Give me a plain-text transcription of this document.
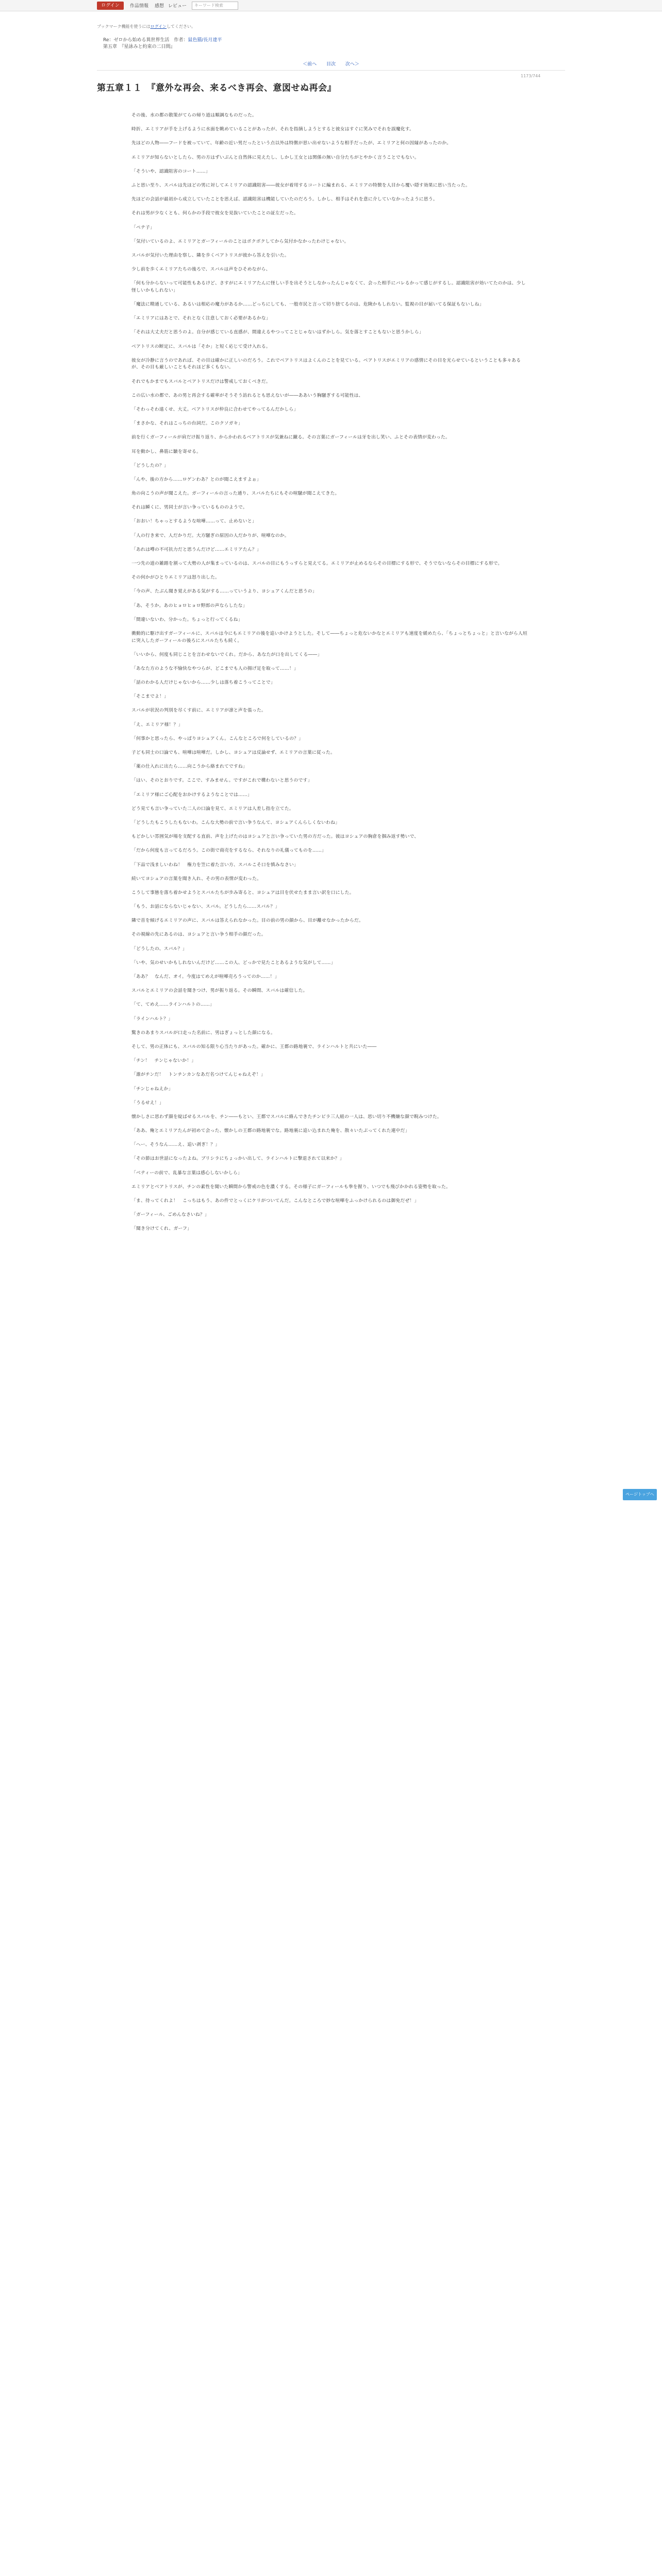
ログイン	作品情報 感想 レビュー	キーワード検索
ブックマーク機能を使うにはログインしてください。
Re：ゼロから始める異世界生活　作者：鼠色猫/長月達平
第五章　『星詠みと約束の二日間』
＜前へ 目次 次へ＞
1173/744
第五章１１　『意外な再会、来るべき再会、意図せぬ再会』

その後、水の都の散策がてらの帰り道は順調なものだった。

時折、エミリアが手を上げるように水面を眺めていることがあったが、それを指摘しようとすると彼女はすぐに笑みでそれを誤魔化す。

先ほどの人物――フードを被っていて、年齢の近い男だったという点以外は特徴が思い出せないような相手だったが、エミリアと何の因縁があったのか。

エミリアが知らないとしたら、男の方はずいぶんと自然体に見えたし、しかし王女とは関係の無い自分たちがとやかく言うことでもない。

「そういや、認識阻害のコート……」

ふと思い至り、スバルは先ほどの男に対してエミリアの認識阻害――彼女が着用するコートに編まれる、エミリアの特徴を人目から覆い隠す効果に思い当たった。

先ほどの会話が最初から成立していたことを思えば、認識阻害は機能していたのだろう。しかし、相手はそれを意に介していなかったように思う。

それは男が少なくとも、何らかの手段で彼女を見抜いていたことの証左だった。

「ペテ子」

「気付いているのよ、エミリアとガーフィールのことはポクボクしてから気付かなかったわけじゃない。

スバルが気付いた理由を察し、隣を歩くベアトリスが彼から答えを引いた。

少し前を歩くエミリアたちの後ろで、スバルは声をひそめながら、

「何も分からないって可能性もあるけど、さすがにエミリアたんに怪しい手を出そうとしなかったんじゃなくて、会った相手にバレるかって感じがするし。認識阻害が効いてたのかは、少し怪しいかもしれない」

「魔法に精通している、あるいは相応の魔力があるか……どっちにしても、一般市民と言って切り捨てるのは、危険かもしれない。監視の目が届いてる保証もないしね」

「エミリアにはあとで、それとなく注意しておく必要があるかな」

「それは大丈夫だと思うのよ。自分が感じている直感が、間違えるやつってことじゃないはずかしら。気を落とすこともないと思うかしら」

ベアトリスの断定に、スバルは「そか」と短く応じて受け入れる。

彼女が冷静に言うのであれば、その目は確かに正しいのだろう。これでベアトリスはよくんのことを見ている。ベアトリスがエミリアの感情にその目を光らせているということも多々あるが、その目も厳しいこともそれほど多くもない。

それでもかまでもスバルとベアトリスだけは警戒しておくべきだ。

この広い水の都で、あの男と再会する確率がそうそう訪れるとも思えないが――ああいう胸騒ぎする可能性は、

「そわっそわ遠くせ、大丈。ベアトリスが仲良に合わせてやってるんだかしら」

「まさかな、それはこっちの台詞だ。このクソガキ」

前を行くガーフィールが肩だけ振り返り、からかわれるベアトリスが気兼ねに蹴る。その言葉にガーフィールは牙を出し笑い、ふとその表情が変わった。

耳を動かし、鼻筋に皺を寄せる。

「どうしたの？」

「んや、後の方から……ロゲンわあ？とのが聞こえますよぉ」

角の向こうの声が聞こえた。ガーフィールの言った通り、スバルたちにもその喧騒が聞こえてきた。

それは瞬くに、男同士が言い争っているもののようで。

「おおい！ちゃっとするような喧嘩……って、止めないと」

「人の行き来で、人だかりだ。大方騒ぎの原因の人だかりが、喧嘩なのか。

「あれは噂の不可抗力だと思うんだけど……エミリアたん？」

一つ先の道の雑踏を割って大勢の人が集まっているのは、スバルの目にもうっすらと見えてる。エミリアが止めるならその目標にする形で、そうでないならその目標にする形で。

その何かがひとりエミリアは怒り出した。

「今の声、たぶん聞き覚えがある気がする……っていうより、ヨシュアくんだと思うの」

「あ、そうか。あのヒョロヒョロ野郎の声ならしたな」

「間違いないわ、分かった。ちょっと行ってくるね」

衝動的に駆け出すガーフィールに、スバルは今にもエミリアの後を追いかけようとした。そして――ちょっと危ないかなとエミリアも速度を緩めたら、「ちょっとちょっと」と言いながら人垣に突入したガーフィールの後ろにスバルたちも続く。

「いいから、何度も同じことを言わせないでくれ。だから、あなたが口を出してくる――」

「あなた方のような不愉快なやつらが、どこまでも人の揚げ足を取って……！」

「話のわかる人だけじゃないから……少しは落ち着こうってことで」

「そこまでよ！」

スバルが状況の判別を尽くす前に、エミリアが凛と声を張った。

「え、エミリア様！？」

「何事かと思ったら、やっぱりヨシュアくん。こんなところで何をしているの？」

子ども同士の口論でも、喧嘩は喧嘩だ。しかし、ヨシュアは反論せず、エミリアの言葉に従った。

「薬の仕入れに出たら……向こうから絡まれてですね」

「はい、そのとおりです。ここで、すみません。ですがこれで構わないと思うのです」

「エミリア様にご心配をおかけするようなことでは……」

どう見ても言い争っていた二人の口論を見て、エミリアは人差し指を立てた。

「どうしたもこうしたもないわ。こんな大勢の前で言い争うなんて、ヨシュアくんらしくないわね」

もどかしい雰囲気が場を支配する直前、声を上げたのはヨシュアと言い争っていた男の方だった。彼はヨシュアの胸倉を掴み返す勢いで、

「だから何度も言ってるだろう。この街で商売をするなら、それなりの礼儀ってものを……」

「下品で浅ましいわね！　権力を笠に着た言い方、スバルこそ口を慎みなさい」

続いてヨシュアの言葉を聞き入れ、その男の表情が変わった。

こうして事態を落ち着かせようとスバルたちが歩み寄ると、ヨシュアは目を伏せたまま言い訳を口にした。

「もう、お話にならないじゃない、スバル。どうしたら……スバル？」

隣で首を傾げるエミリアの声に、スバルは答えられなかった。目の前の男の顔から、目が離せなかったからだ。

その視線の先にあるのは、ヨシュアと言い争う相手の顔だった。

「どうしたの、スバル？」

「いや、気のせいかもしれないんだけど……この人、どっかで見たことあるような気がして……」

「ああ？　なんだ、オイ。今度はてめえが喧嘩売ろうってのか……！」

スバルとエミリアの会話を聞きつけ、男が振り返る。その瞬間、スバルは確信した。

「て、てめえ……ラインハルトの……」

「ラインハルト？」

驚きのあまりスバルが口走った名前に、男はぎょっとした顔になる。

そして、男の正体にも、スバルの知る限り心当たりがあった。確かに、王都の路地裏で、ラインハルトと共にいた――

「チン！　チンじゃないか！」

「誰がチンだ！　トンチンカンなあだ名つけてんじゃねえぞ！」

「チンじゃねえか」

「うるせえ！」

懐かしさに思わず顔を綻ばせるスバルを、チン――もとい、王都でスバルに絡んできたチンピラ三人組の一人は、思い切り不機嫌な顔で睨みつけた。

「ああ、俺とエミリアたんが初めて会った、懐かしの王都の路地裏でな。路地裏に追い込まれた俺を、散々いたぶってくれた連中だ」

「へー、そうなん……え、追い剥ぎ！？」

「その節はお世話になったよね。ブリシラにちょっかい出して、ラインハルトに撃退されて以来か？」

「ベティーの前で、乱暴な言葉は感心しないかしら」

エミリアとベアトリスが、チンの素性を聞いた瞬間から警戒の色を濃くする。その様子にガーフィールも拳を握り、いつでも飛びかかれる姿勢を取った。

「ま、待ってくれよ！　こっちはもう、あの件でとっくにケリがついてんだ。こんなところで妙な喧嘩をふっかけられるのは御免だぜ！」

「ガーフィール、ごめんなさいね？」

「聞き分けてくれ、ガーフ」

ページトップへ
